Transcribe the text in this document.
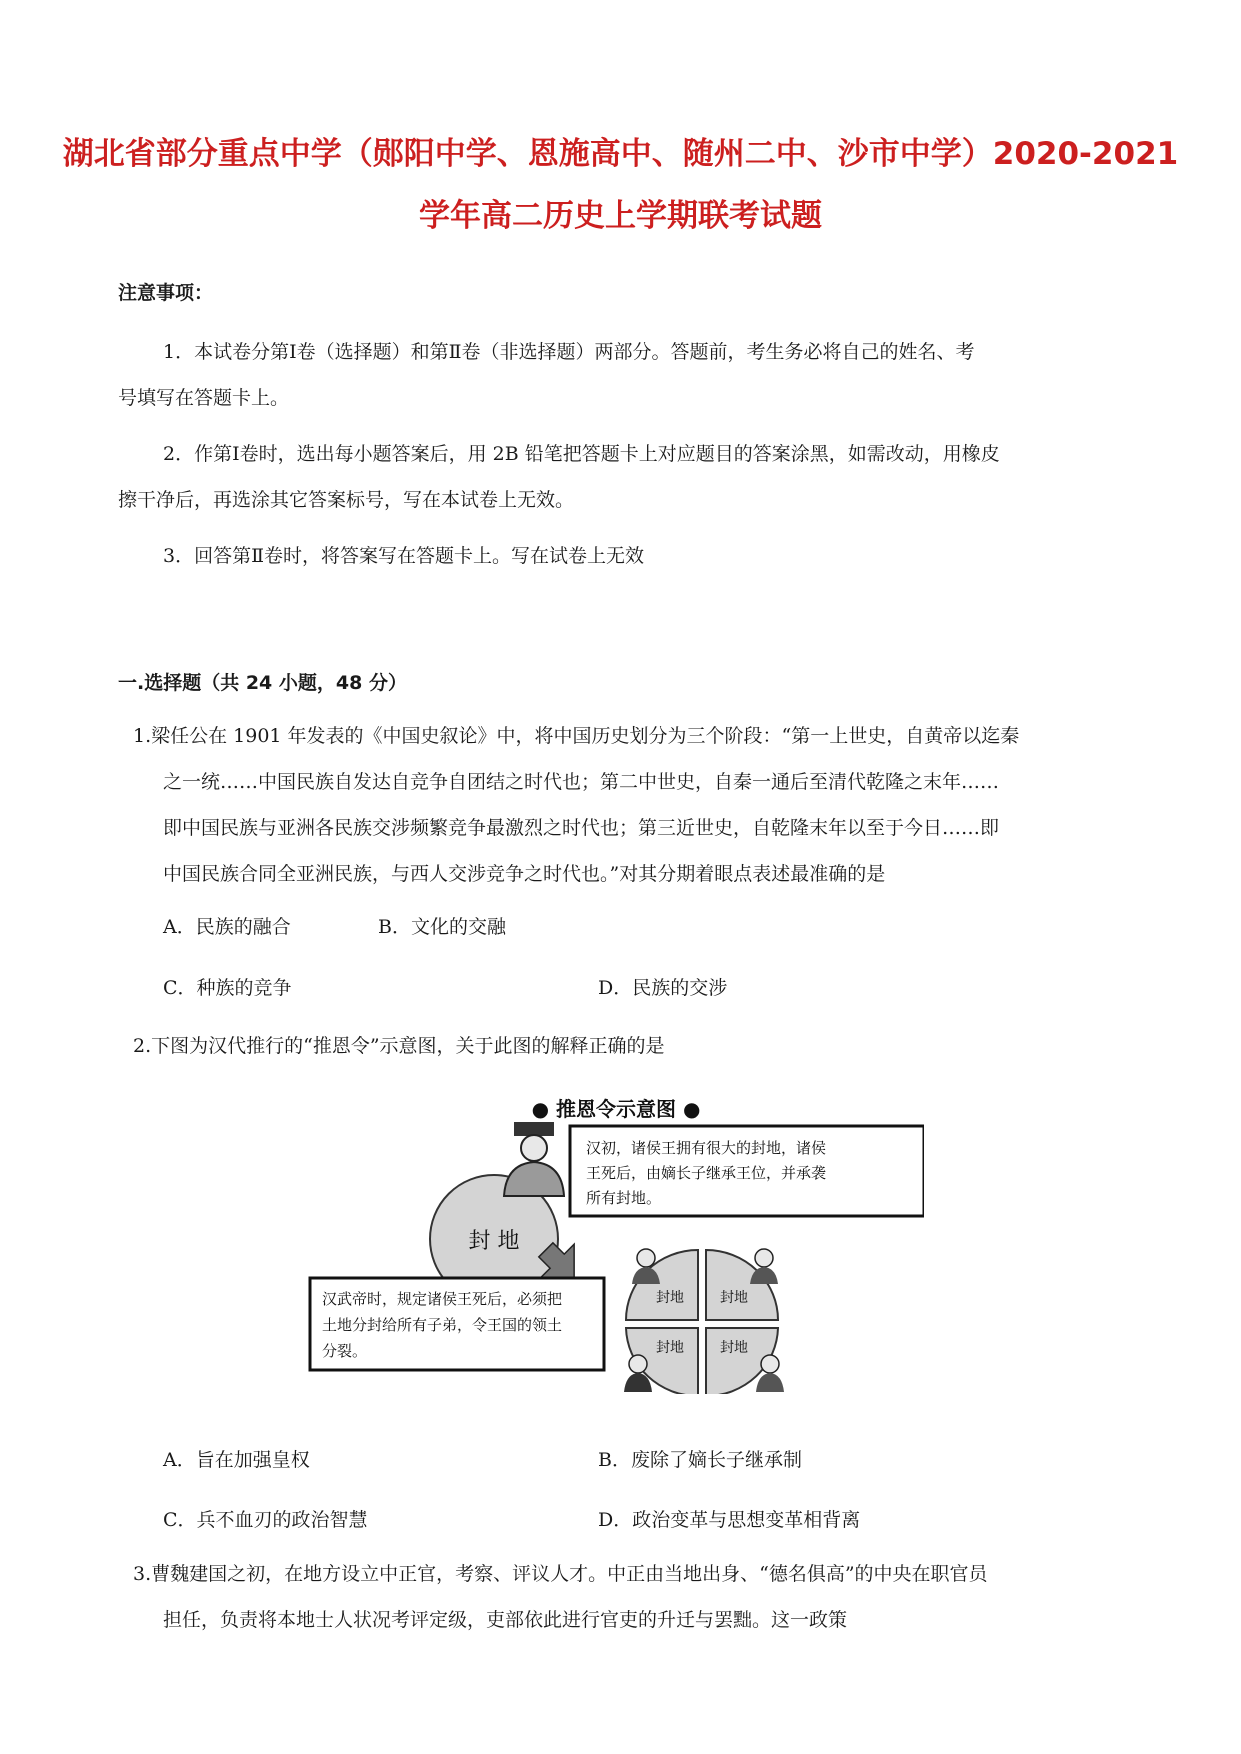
湖北省部分重点中学（郧阳中学、恩施高中、随州二中、沙市中学）2020-2021
学年高二历史上学期联考试题
注意事项：
1．本试卷分第Ⅰ卷（选择题）和第Ⅱ卷（非选择题）两部分。答题前，考生务必将自己的姓名、考
号填写在答题卡上。
2．作第Ⅰ卷时，选出每小题答案后，用 2B 铅笔把答题卡上对应题目的答案涂黑，如需改动，用橡皮
擦干净后，再选涂其它答案标号，写在本试卷上无效。
3．回答第Ⅱ卷时，将答案写在答题卡上。写在试卷上无效
一.选择题（共 24 小题，48 分）
1.梁任公在 1901 年发表的《中国史叙论》中，将中国历史划分为三个阶段：“第一上世史，自黄帝以迄秦
之一统……中国民族自发达自竞争自团结之时代也；第二中世史，自秦一通后至清代乾隆之末年……
即中国民族与亚洲各民族交涉频繁竞争最激烈之时代也；第三近世史，自乾隆末年以至于今日……即
中国民族合同全亚洲民族，与西人交涉竞争之时代也。”对其分期着眼点表述最准确的是
A．民族的融合	B．文化的交融
C．种族的竞争	D．民族的交涉
2.下图为汉代推行的“推恩令”示意图，关于此图的解释正确的是
● 推恩令示意图 ●
汉初，诸侯王拥有很大的封地，诸侯
王死后，由嫡长子继承王位，并承袭
所有封地。
封 地
封地	封地
封地	封地
汉武帝时，规定诸侯王死后，必须把
土地分封给所有子弟，令王国的领土
分裂。
A．旨在加强皇权	B．废除了嫡长子继承制
C．兵不血刃的政治智慧	D．政治变革与思想变革相背离
3.曹魏建国之初，在地方设立中正官，考察、评议人才。中正由当地出身、“德名俱高”的中央在职官员
担任，负责将本地士人状况考评定级，吏部依此进行官吏的升迁与罢黜。这一政策
